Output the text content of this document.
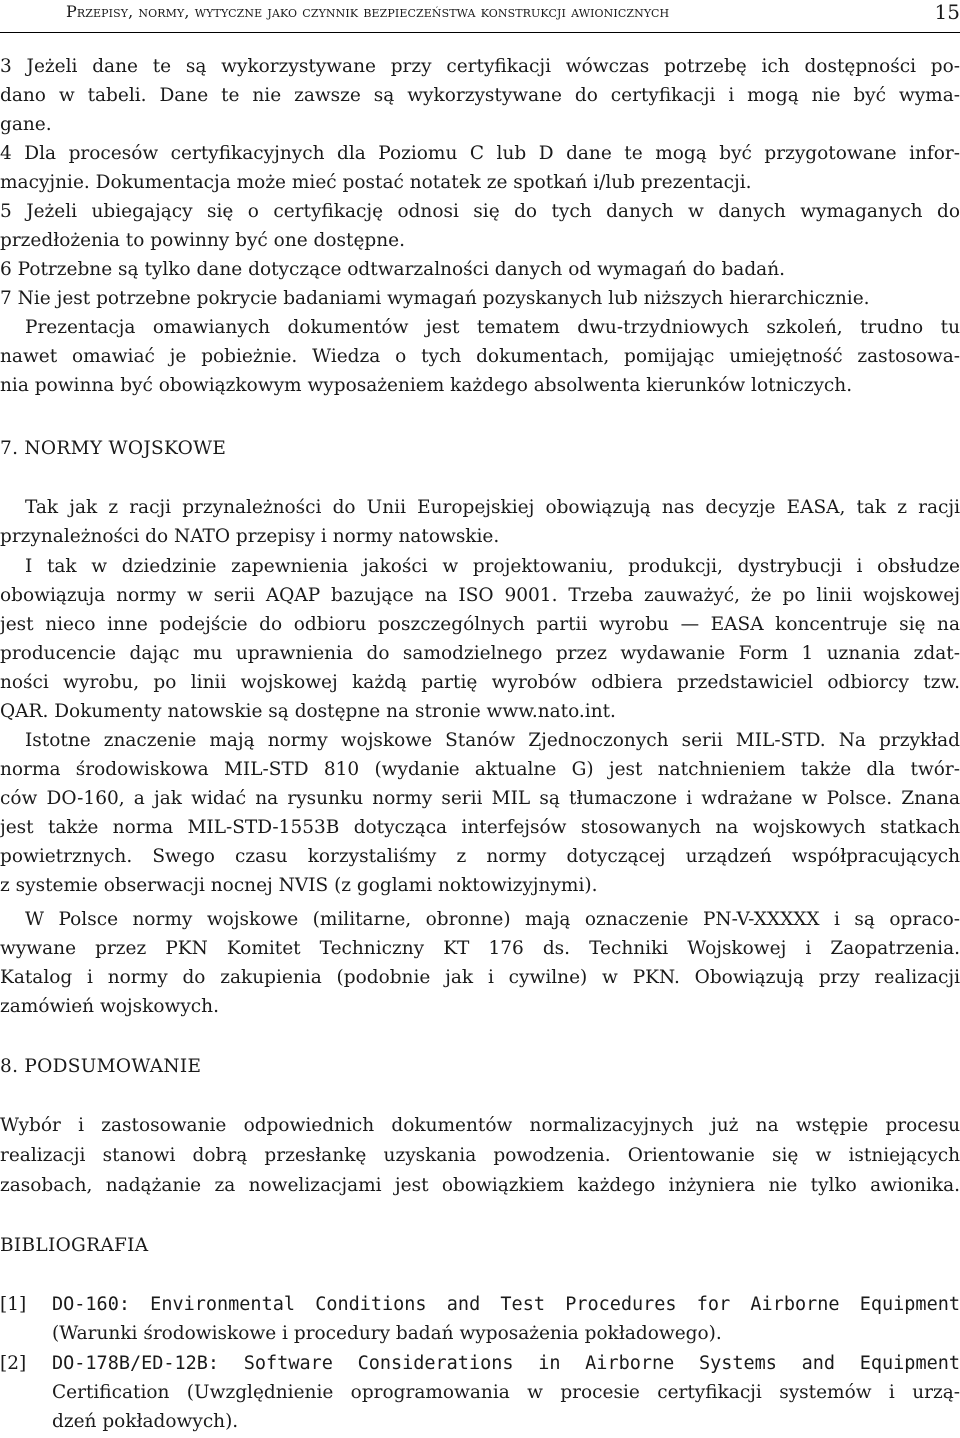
Przepisy, normy, wytyczne jako czynnik bezpieczeństwa konstrukcji awionicznych	15
3 Jeżeli dane te są wykorzystywane przy certyfikacji wówczas potrzebę ich dostępności po-
dano w tabeli. Dane te nie zawsze są wykorzystywane do certyfikacji i mogą nie być wyma-
gane.
4 Dla procesów certyfikacyjnych dla Poziomu C lub D dane te mogą być przygotowane infor-
macyjnie. Dokumentacja może mieć postać notatek ze spotkań i/lub prezentacji.
5 Jeżeli ubiegający się o certyfikację odnosi się do tych danych w danych wymaganych do
przedłożenia to powinny być one dostępne.
6 Potrzebne są tylko dane dotyczące odtwarzalności danych od wymagań do badań.
7 Nie jest potrzebne pokrycie badaniami wymagań pozyskanych lub niższych hierarchicznie.
Prezentacja omawianych dokumentów jest tematem dwu-trzydniowych szkoleń, trudno tu
nawet omawiać je pobieżnie. Wiedza o tych dokumentach, pomijając umiejętność zastosowa-
nia powinna być obowiązkowym wyposażeniem każdego absolwenta kierunków lotniczych.
7. NORMY WOJSKOWE
Tak jak z racji przynależności do Unii Europejskiej obowiązują nas decyzje EASA, tak z racji
przynależności do NATO przepisy i normy natowskie.
I tak w dziedzinie zapewnienia jakości w projektowaniu, produkcji, dystrybucji i obsłudze
obowiązuja normy w serii AQAP bazujące na ISO 9001. Trzeba zauważyć, że po linii wojskowej
jest nieco inne podejście do odbioru poszczególnych partii wyrobu — EASA koncentruje się na
producencie dając mu uprawnienia do samodzielnego przez wydawanie Form 1 uznania zdat-
ności wyrobu, po linii wojskowej każdą partię wyrobów odbiera przedstawiciel odbiorcy tzw.
QAR. Dokumenty natowskie są dostępne na stronie www.nato.int.
Istotne znaczenie mają normy wojskowe Stanów Zjednoczonych serii MIL-STD. Na przykład
norma środowiskowa MIL-STD 810 (wydanie aktualne G) jest natchnieniem także dla twór-
ców DO-160, a jak widać na rysunku normy serii MIL są tłumaczone i wdrażane w Polsce. Znana
jest także norma MIL-STD-1553B dotycząca interfejsów stosowanych na wojskowych statkach
powietrznych. Swego czasu korzystaliśmy z normy dotyczącej urządzeń współpracujących
z systemie obserwacji nocnej NVIS (z goglami noktowizyjnymi).
W Polsce normy wojskowe (militarne, obronne) mają oznaczenie PN-V-XXXXX i są opraco-
wywane przez PKN Komitet Techniczny KT 176 ds. Techniki Wojskowej i Zaopatrzenia.
Katalog i normy do zakupienia (podobnie jak i cywilne) w PKN. Obowiązują przy realizacji
zamówień wojskowych.
8. PODSUMOWANIE
Wybór i zastosowanie odpowiednich dokumentów normalizacyjnych już na wstępie procesu
realizacji stanowi dobrą przesłankę uzyskania powodzenia. Orientowanie się w istniejących
zasobach, nadążanie za nowelizacjami jest obowiązkiem każdego inżyniera nie tylko awionika.
BIBLIOGRAFIA
[1]	DO-160: Environmental Conditions and Test Procedures for Airborne Equipment
(Warunki środowiskowe i procedury badań wyposażenia pokładowego).
[2]	DO-178B/ED-12B: Software Considerations in Airborne Systems and Equipment
Certification (Uwzględnienie oprogramowania w procesie certyfikacji systemów i urzą-
dzeń pokładowych).
